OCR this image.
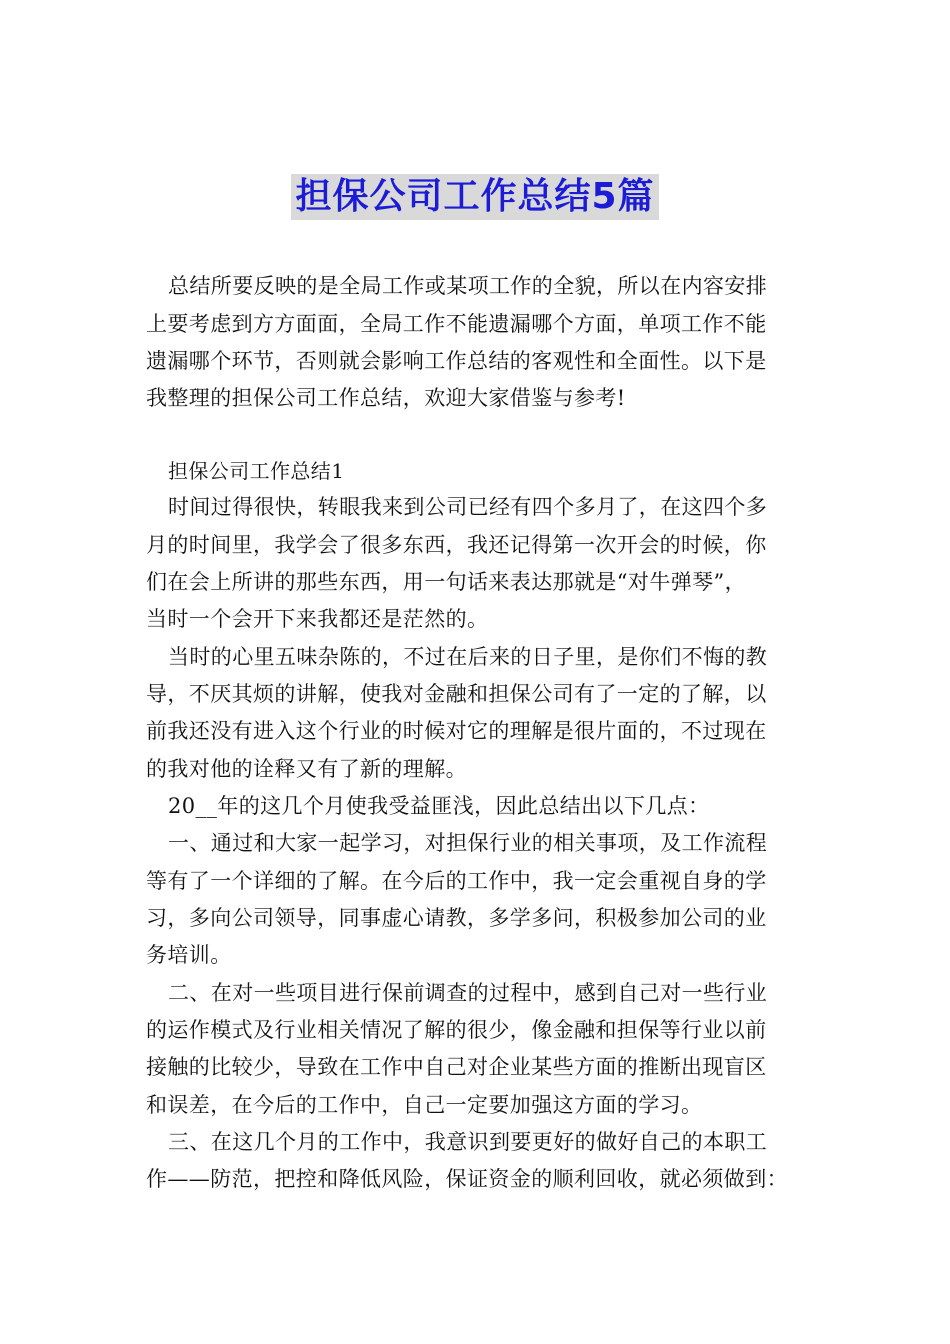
担保公司工作总结5篇
总结所要反映的是全局工作或某项工作的全貌，所以在内容安排
上要考虑到方方面面，全局工作不能遗漏哪个方面，单项工作不能
遗漏哪个环节，否则就会影响工作总结的客观性和全面性。以下是
我整理的担保公司工作总结，欢迎大家借鉴与参考!
担保公司工作总结1
时间过得很快，转眼我来到公司已经有四个多月了，在这四个多
月的时间里，我学会了很多东西，我还记得第一次开会的时候，你
们在会上所讲的那些东西，用一句话来表达那就是“对牛弹琴”，
当时一个会开下来我都还是茫然的。
当时的心里五味杂陈的，不过在后来的日子里，是你们不悔的教
导，不厌其烦的讲解，使我对金融和担保公司有了一定的了解，以
前我还没有进入这个行业的时候对它的理解是很片面的，不过现在
的我对他的诠释又有了新的理解。
20__年的这几个月使我受益匪浅，因此总结出以下几点：
一、通过和大家一起学习，对担保行业的相关事项，及工作流程
等有了一个详细的了解。在今后的工作中，我一定会重视自身的学
习，多向公司领导，同事虚心请教，多学多问，积极参加公司的业
务培训。
二、在对一些项目进行保前调查的过程中，感到自己对一些行业
的运作模式及行业相关情况了解的很少，像金融和担保等行业以前
接触的比较少，导致在工作中自己对企业某些方面的推断出现盲区
和误差，在今后的工作中，自己一定要加强这方面的学习。
三、在这几个月的工作中，我意识到要更好的做好自己的本职工
作——防范，把控和降低风险，保证资金的顺利回收，就必须做到：
